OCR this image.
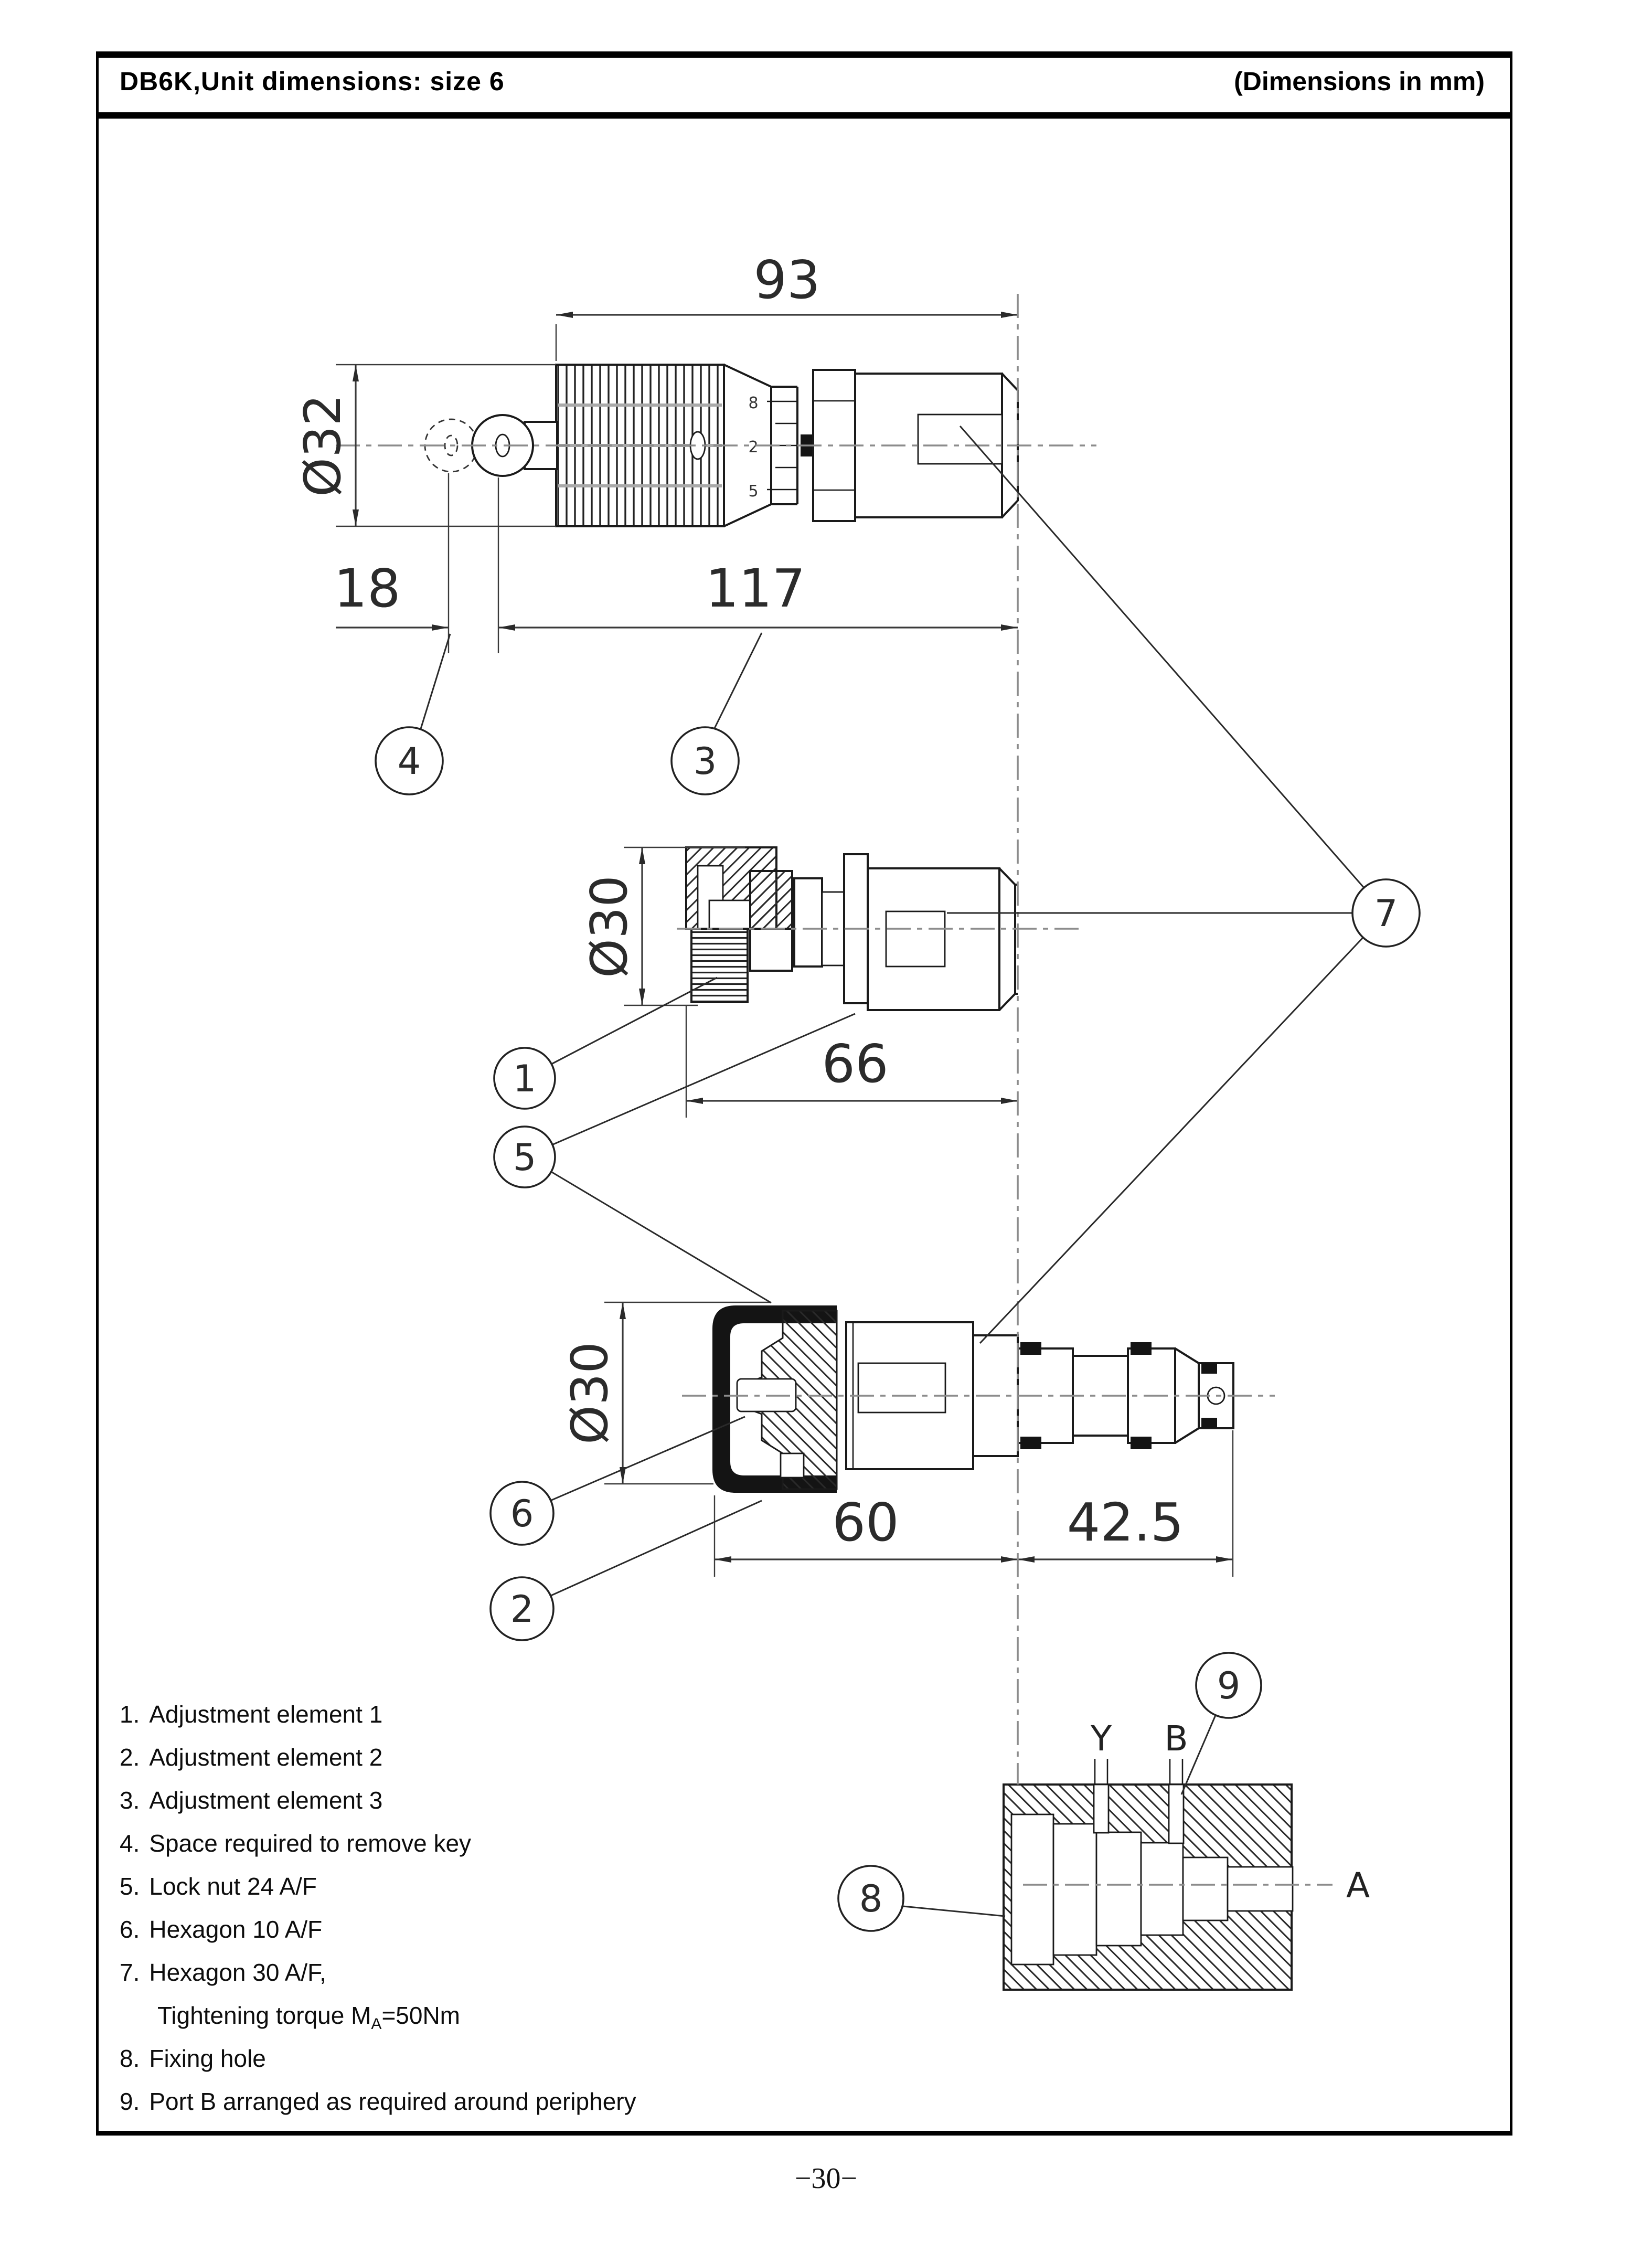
DB6K,Unit dimensions: size 6	(Dimensions in mm)
8
2
5
93
Ø32
18	117
Ø30
66
Ø30
60	42.5
Y B
A
4	3
7
1
5
6
2
9
8
1. Adjustment element 1
2. Adjustment element 2
3. Adjustment element 3
4. Space required to remove key
5. Lock nut 24 A/F
6. Hexagon 10 A/F
7. Hexagon 30 A/F,
Tightening torque $M_A=50Nm$
8. Fixing hole
9. Port B arranged as required around periphery
−30−
